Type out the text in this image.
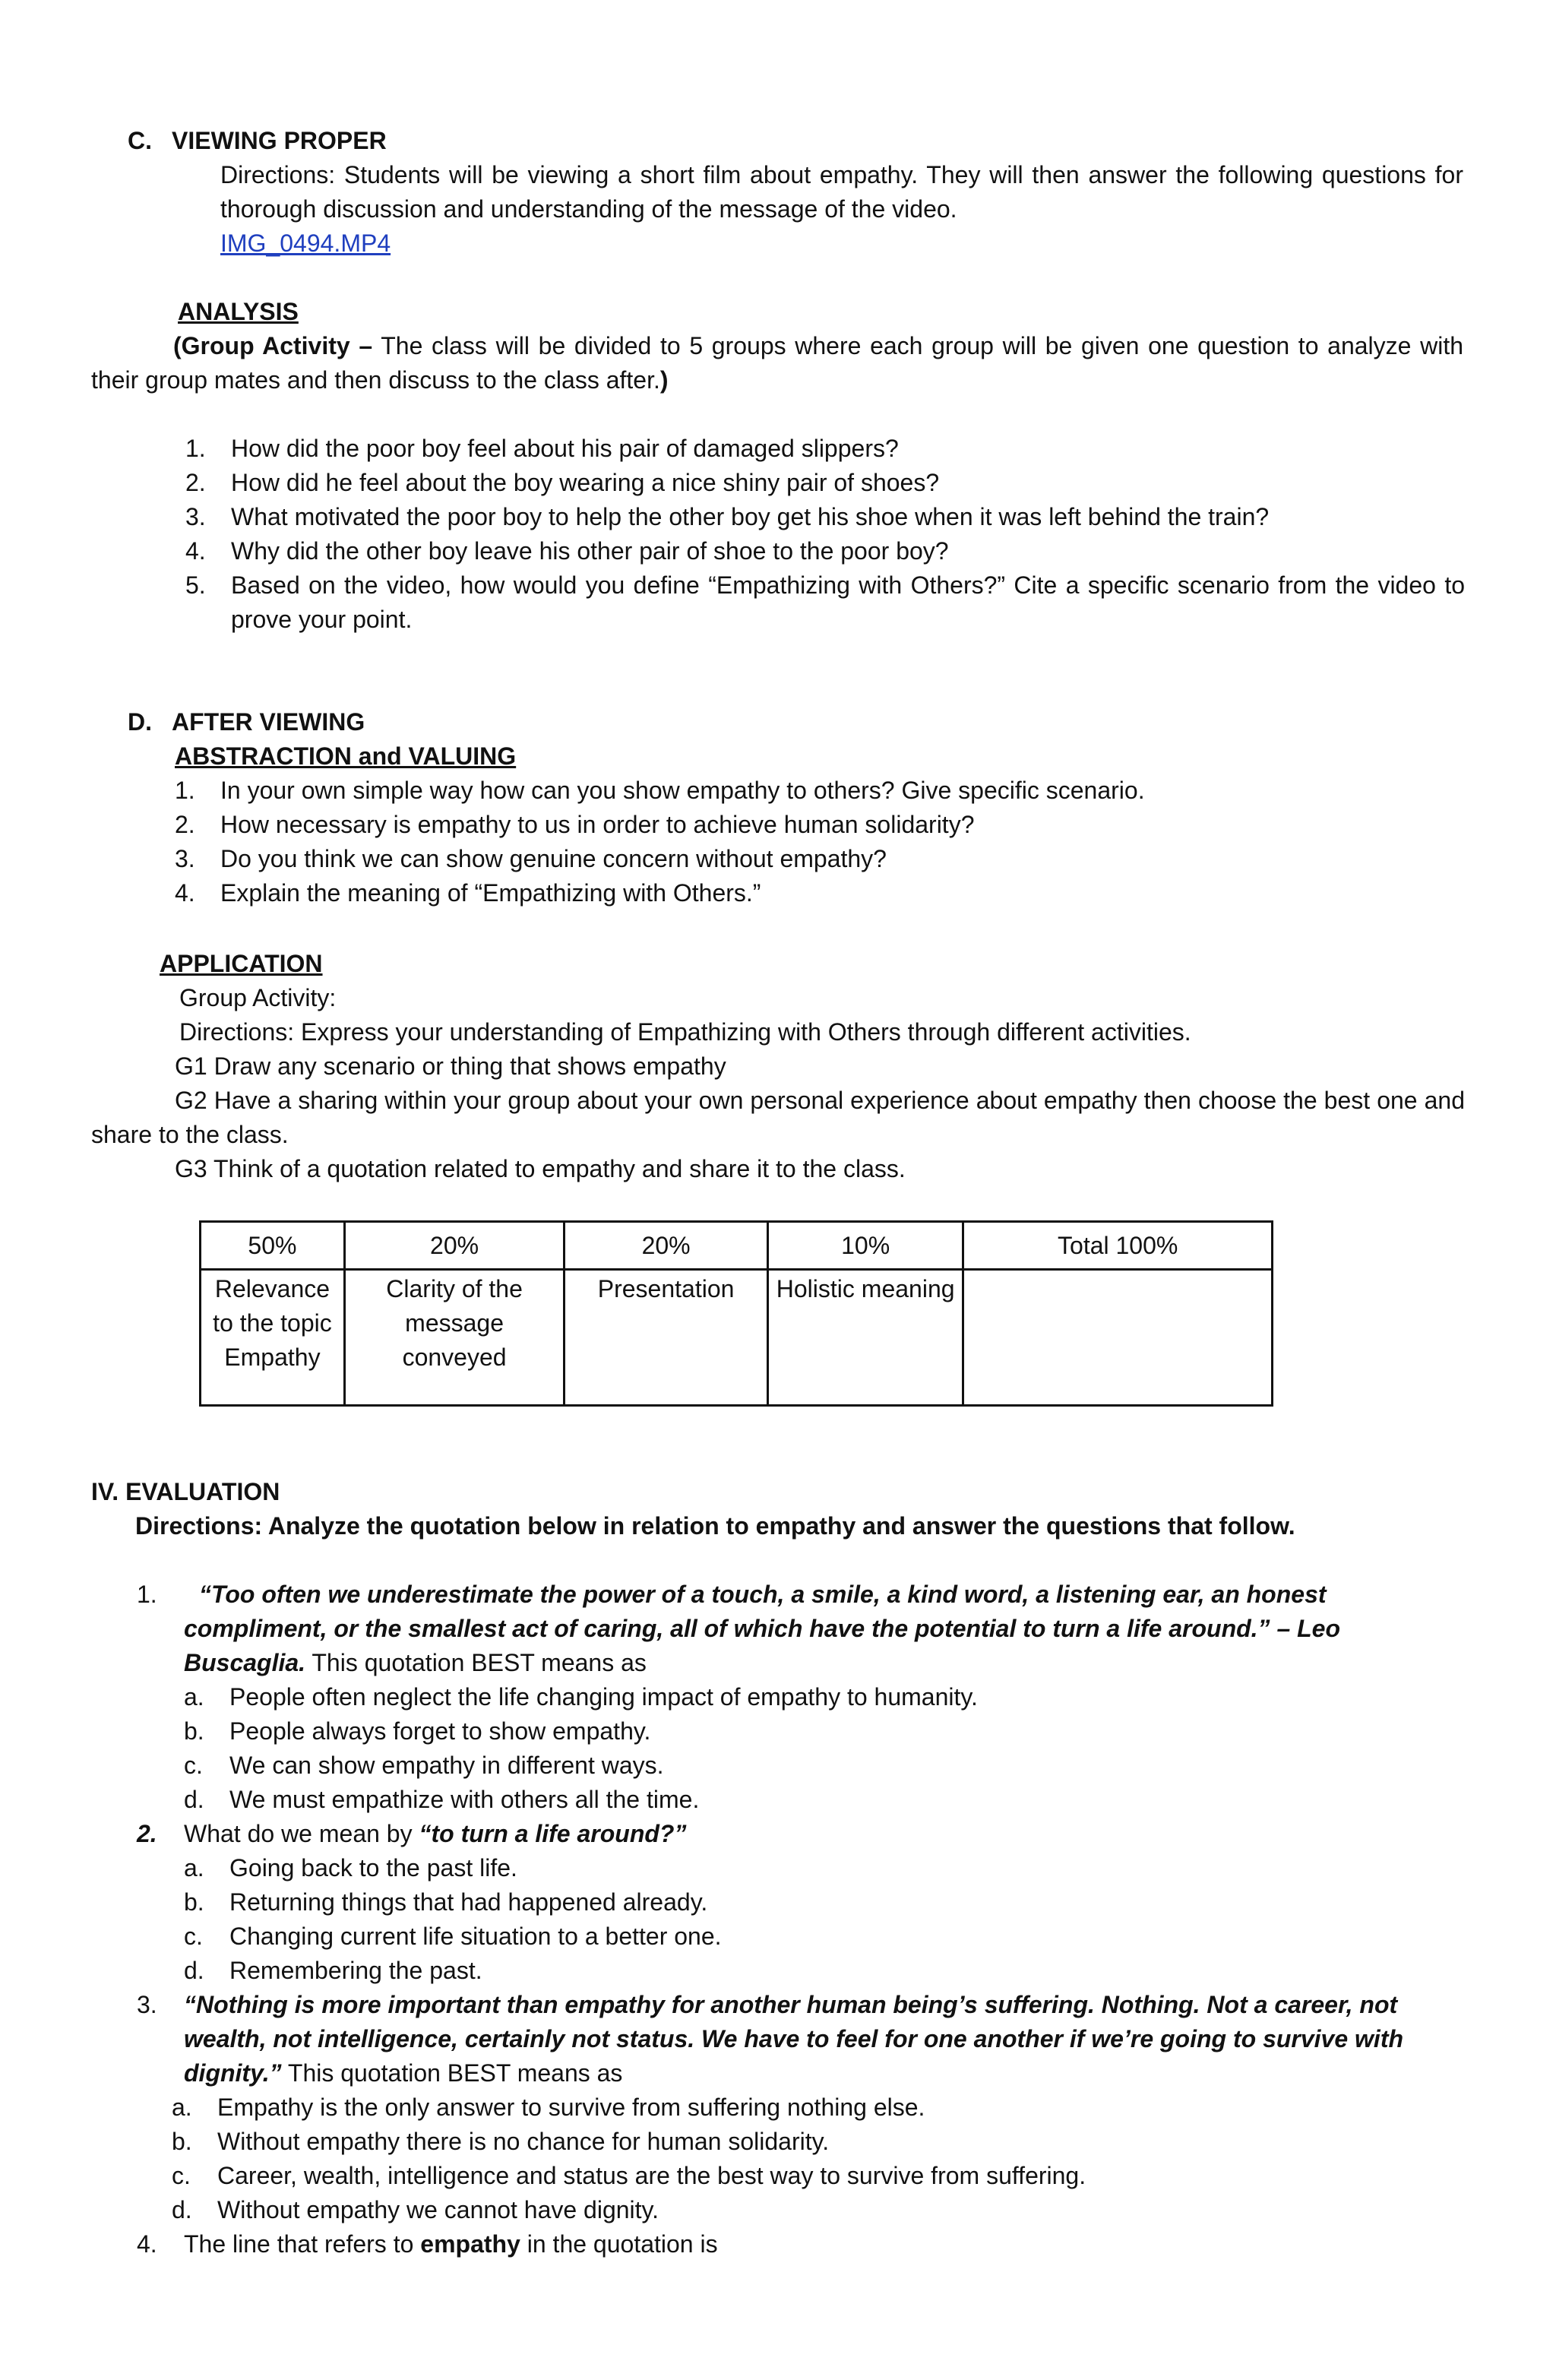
C. VIEWING PROPER
Directions: Students will be viewing a short film about empathy. They will then answer the following questions for thorough discussion and understanding of the message of the video.
IMG_0494.MP4
ANALYSIS
(Group Activity – The class will be divided to 5 groups where each group will be given one question to analyze with their group mates and then discuss to the class after.)
1. How did the poor boy feel about his pair of damaged slippers?
2. How did he feel about the boy wearing a nice shiny pair of shoes?
3. What motivated the poor boy to help the other boy get his shoe when it was left behind the train?
4. Why did the other boy leave his other pair of shoe to the poor boy?
5. Based on the video, how would you define “Empathizing with Others?” Cite a specific scenario from the video to prove your point.
D. AFTER VIEWING
ABSTRACTION and VALUING
1. In your own simple way how can you show empathy to others? Give specific scenario.
2. How necessary is empathy to us in order to achieve human solidarity?
3. Do you think we can show genuine concern without empathy?
4. Explain the meaning of “Empathizing with Others.”
APPLICATION
Group Activity:
Directions: Express your understanding of Empathizing with Others through different activities.
G1 Draw any scenario or thing that shows empathy
G2 Have a sharing within your group about your own personal experience about empathy then choose the best one and share to the class.
G3 Think of a quotation related to empathy and share it to the class.
50%	20%	20%	10%	Total 100%
Relevance to the topic Empathy	Clarity of the message conveyed	Presentation	Holistic meaning	
IV. EVALUATION
Directions: Analyze the quotation below in relation to empathy and answer the questions that follow.
1.	“Too often we underestimate the power of a touch, a smile, a kind word, a listening ear, an honest compliment, or the smallest act of caring, all of which have the potential to turn a life around.” – Leo Buscaglia. This quotation BEST means as
a. People often neglect the life changing impact of empathy to humanity.
b. People always forget to show empathy.
c. We can show empathy in different ways.
d. We must empathize with others all the time.
2. What do we mean by “to turn a life around?”
a. Going back to the past life.
b. Returning things that had happened already.
c. Changing current life situation to a better one.
d. Remembering the past.
3. “Nothing is more important than empathy for another human being’s suffering. Nothing. Not a career, not wealth, not intelligence, certainly not status. We have to feel for one another if we’re going to survive with dignity.” This quotation BEST means as
a. Empathy is the only answer to survive from suffering nothing else.
b. Without empathy there is no chance for human solidarity.
c. Career, wealth, intelligence and status are the best way to survive from suffering.
d. Without empathy we cannot have dignity.
4. The line that refers to empathy in the quotation is
